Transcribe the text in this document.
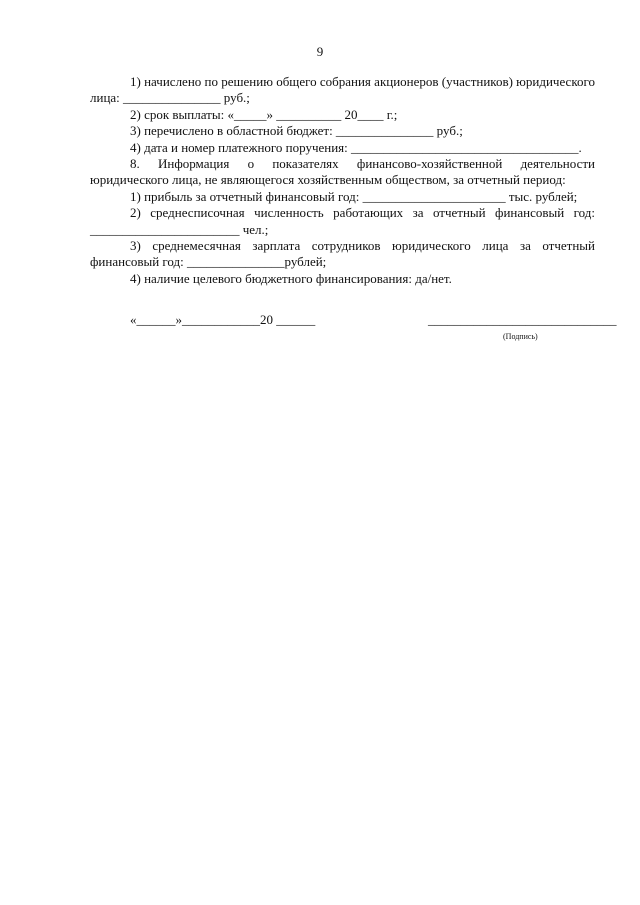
9

1) начислено по решению общего собрания акционеров (участников) юридического лица: _______________ руб.;

2) срок выплаты: «_____» __________ 20____ г.;

3) перечислено в областной бюджет: _______________ руб.;

4) дата и номер платежного поручения: ___________________________________.

8. Информация о показателях финансово-хозяйственной деятельности юридического лица, не являющегося хозяйственным обществом, за отчетный период:

1) прибыль за отчетный финансовый год: ______________________ тыс. рублей;

2) среднесписочная численность работающих за отчетный финансовый год: _______________________ чел.;

3) среднемесячная зарплата сотрудников юридического лица за отчетный финансовый год: _______________рублей;

4) наличие целевого бюджетного финансирования: да/нет.

«______»____________20 ______	_____________________________
(Подпись)
